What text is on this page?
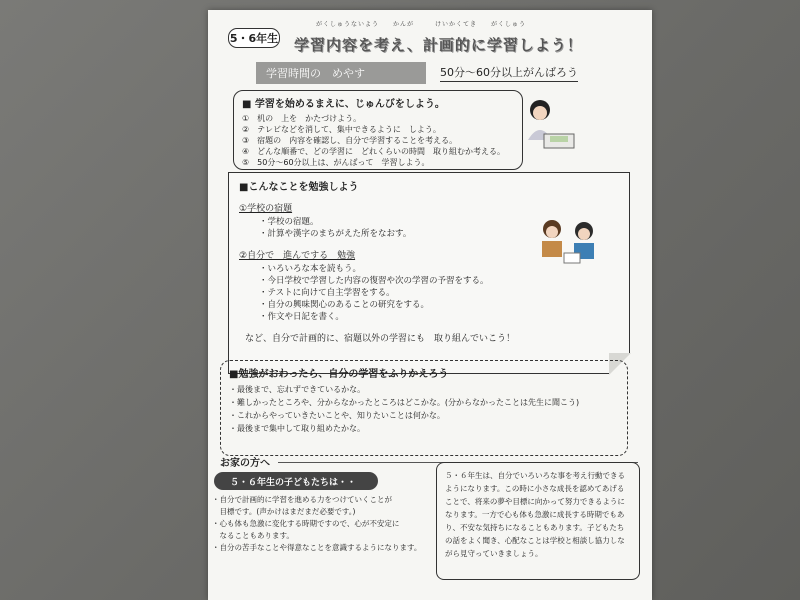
5・6年生
がくしゅうないよう　　かんが　　　けいかくてき　　がくしゅう
学習内容を考え、計画的に学習しよう！
学習時間の　めやす	50分～60分以上がんばろう
■ 学習を始めるまえに、じゅんびをしよう。
①　机の　上を　かたづけよう。
②　テレビなどを消して、集中できるように　しよう。
③　宿題の　内容を確認し、自分で学習することを考える。
④　どんな順番で、どの学習に　どれくらいの時間　取り組むか考える。
⑤　50分～60分以上は、がんばって　学習しよう。
■こんなことを勉強しよう
①学校の宿題
・学校の宿題。
・計算や漢字のまちがえた所をなおす。
②自分で　進んでする　勉強
・いろいろな本を読もう。
・今日学校で学習した内容の復習や次の学習の予習をする。
・テストに向けて自主学習をする。
・自分の興味関心のあることの研究をする。
・作文や日記を書く。
など、自分で計画的に、宿題以外の学習にも　取り組んでいこう！
■勉強がおわったら、自分の学習をふりかえろう
・最後まで、忘れずできているかな。
・難しかったところや、分からなかったところはどこかな。(分からなかったことは先生に聞こう)
・これからやっていきたいことや、知りたいことは何かな。
・最後まで集中して取り組めたかな。
お家の方へ
５・６年生の子どもたちは・・
・自分で計画的に学習を進める力をつけていくことが
　目標です。(声かけはまだまだ必要です。)
・心も体も急激に変化する時期ですので、心が不安定に
　なることもあります。
・自分の苦手なことや得意なことを意識するようになります。
５・６年生は、自分でいろいろな事を考え行動できるようになります。この時に小さな成長を認めてあげることで、将来の夢や目標に向かって努力できるようになります。一方で心も体も急激に成長する時期でもあり、不安な気持ちになることもあります。子どもたちの話をよく聞き、心配なことは学校と相談し協力しながら見守っていきましょう。
